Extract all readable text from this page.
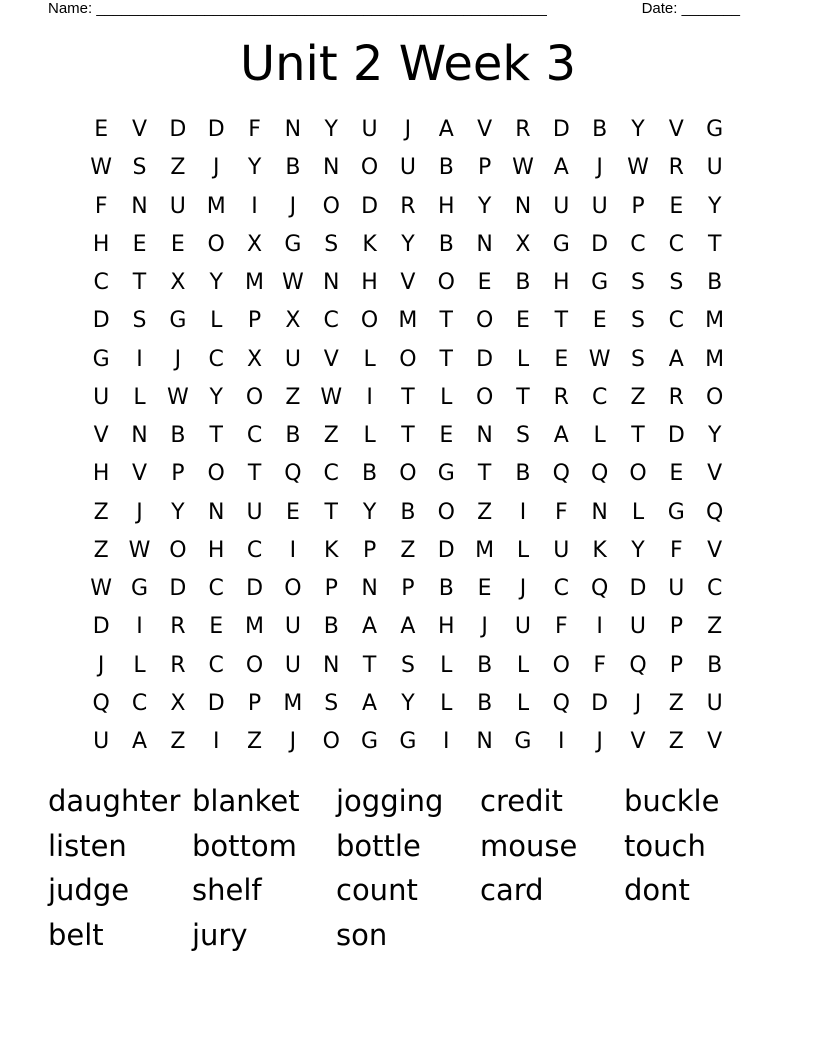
Name: ______________________________________________________	Date: _______
Unit 2 Week 3
E	V	D D	F	N	Y	U	J	A	V	R	D	B	Y	V	G
W S	Z	J	Y	B	N O U	B	P W A	J	W R	U
F	N	U M	I	J	O D	R	H	Y	N	U	U	P	E	Y
H	E	E	O	X	G	S	K	Y	B	N	X	G D	C	C	T
C	T	X	Y	M W N H	V	O	E	B	H G	S	S	B
D	S	G	L	P	X	C O M	T	O	E	T	E	S	C M
G	I	J	C	X	U	V	L	O	T	D	L	E W S	A M
U	L W Y	O	Z W	I	T	L	O	T	R	C	Z	R	O
V	N	B	T	C	B	Z	L	T	E	N	S	A	L	T	D	Y
H	V	P	O	T	Q	C	B	O G	T	B	Q Q O	E	V
Z	J	Y	N	U	E	T	Y	B	O	Z	I	F	N	L	G Q
Z W O H	C	I	K	P	Z	D M	L	U	K	Y	F	V
W G D	C	D O	P	N	P	B	E	J	C Q D U	C
D	I	R	E M U	B	A	A	H	J	U	F	I	U	P	Z
J	L	R	C O U	N	T	S	L	B	L	O	F	Q	P	B
Q	C	X	D	P	M S	A	Y	L	B	L	Q D	J	Z	U
U	A	Z	I	Z	J	O G G	I	N G	I	J	V	Z	V
daughter blanket	jogging	credit	buckle
listen	bottom	bottle	mouse	touch
judge	shelf	count	card	dont
belt	jury	son
